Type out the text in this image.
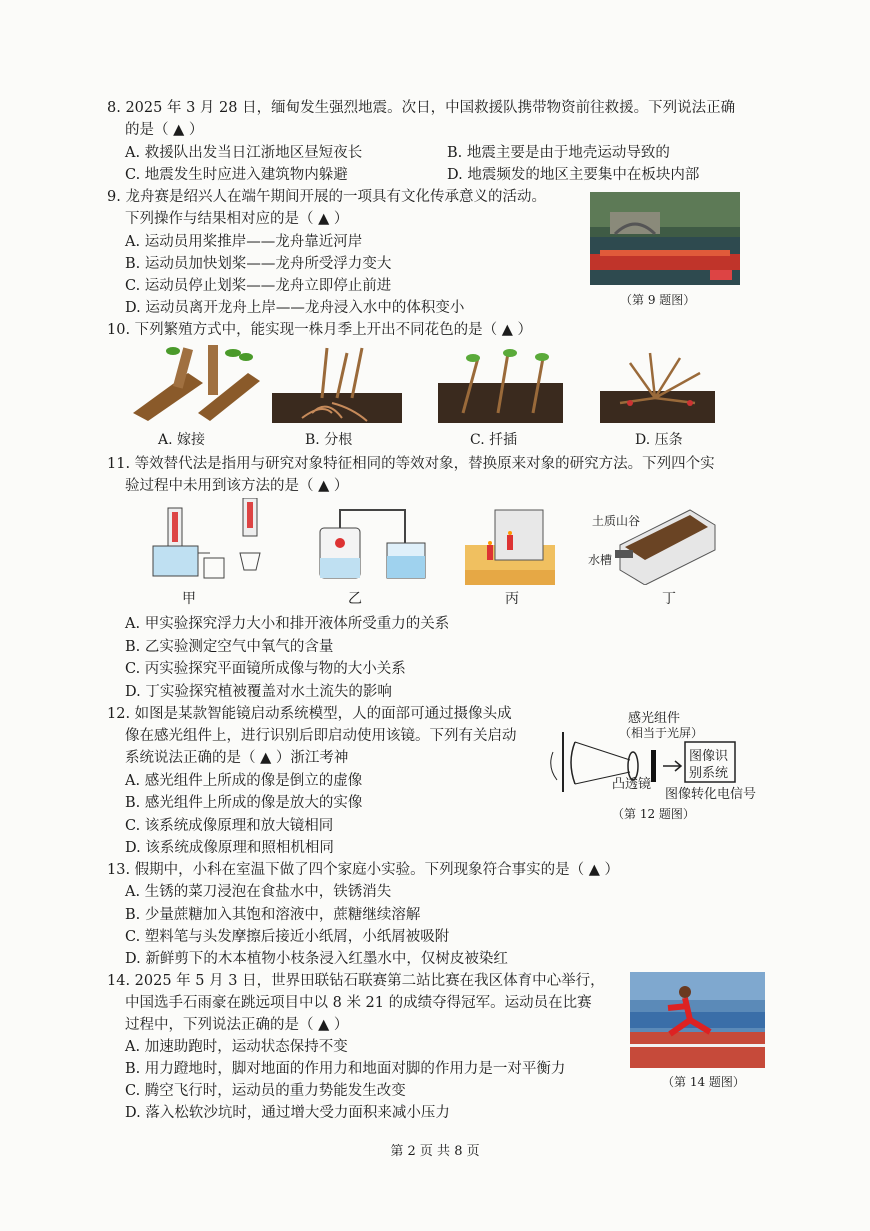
8. 2025 年 3 月 28 日，缅甸发生强烈地震。次日，中国救援队携带物资前往救援。下列说法正确
的是（ ▲ ）
A. 救援队出发当日江浙地区昼短夜长	B. 地震主要是由于地壳运动导致的
C. 地震发生时应进入建筑物内躲避	D. 地震频发的地区主要集中在板块内部
9. 龙舟赛是绍兴人在端午期间开展的一项具有文化传承意义的活动。
下列操作与结果相对应的是（ ▲ ）
A. 运动员用桨推岸——龙舟靠近河岸
B. 运动员加快划桨——龙舟所受浮力变大
C. 运动员停止划桨——龙舟立即停止前进
D. 运动员离开龙舟上岸——龙舟浸入水中的体积变小	（第 9 题图）
10. 下列繁殖方式中，能实现一株月季上开出不同花色的是（ ▲ ）
A. 嫁接	B. 分根	C. 扦插	D. 压条
11. 等效替代法是指用与研究对象特征相同的等效对象，替换原来对象的研究方法。下列四个实
验过程中未用到该方法的是（ ▲ ）
土质山谷
水槽
甲	乙	丙	丁
A. 甲实验探究浮力大小和排开液体所受重力的关系
B. 乙实验测定空气中氧气的含量
C. 丙实验探究平面镜所成像与物的大小关系
D. 丁实验探究植被覆盖对水土流失的影响
12. 如图是某款智能镜启动系统模型，人的面部可通过摄像头成
像在感光组件上，进行识别后即启动使用该镜。下列有关启动
系统说法正确的是（ ▲ ）浙江考神
A. 感光组件上所成的像是倒立的虚像
B. 感光组件上所成的像是放大的实像
C. 该系统成像原理和放大镜相同
D. 该系统成像原理和照相机相同
感光组件
（相当于光屏）
图像识
别系统
凸透镜
图像转化电信号
（第 12 题图）
13. 假期中，小科在室温下做了四个家庭小实验。下列现象符合事实的是（ ▲ ）
A. 生锈的菜刀浸泡在食盐水中，铁锈消失
B. 少量蔗糖加入其饱和溶液中，蔗糖继续溶解
C. 塑料笔与头发摩擦后接近小纸屑，小纸屑被吸附
D. 新鲜剪下的木本植物小枝条浸入红墨水中，仅树皮被染红
14. 2025 年 5 月 3 日，世界田联钻石联赛第二站比赛在我区体育中心举行，
中国选手石雨豪在跳远项目中以 8 米 21 的成绩夺得冠军。运动员在比赛
过程中，下列说法正确的是（ ▲ ）
A. 加速助跑时，运动状态保持不变
B. 用力蹬地时，脚对地面的作用力和地面对脚的作用力是一对平衡力
C. 腾空飞行时，运动员的重力势能发生改变
D. 落入松软沙坑时，通过增大受力面积来减小压力
（第 14 题图）
第 2 页 共 8 页
